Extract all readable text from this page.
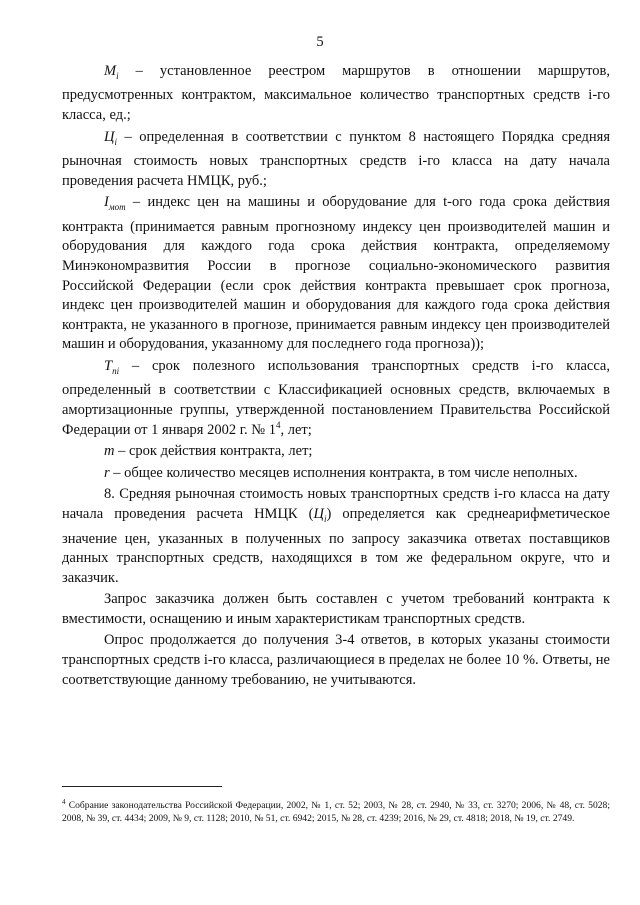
5

$M_i$ – установленное реестром маршрутов в отношении маршрутов, предусмотренных контрактом, максимальное количество транспортных средств i-го класса, ед.;

$Ц_i$ – определенная в соответствии с пунктом 8 настоящего Порядка средняя рыночная стоимость новых транспортных средств i-го класса на дату начала проведения расчета НМЦК, руб.;

$I_{мот}$ – индекс цен на машины и оборудование для t-ого года срока действия контракта (принимается равным прогнозному индексу цен производителей машин и оборудования для каждого года срока действия контракта, определяемому Минэкономразвития России в прогнозе социально-экономического развития Российской Федерации (если срок действия контракта превышает срок прогноза, индекс цен производителей машин и оборудования для каждого года срока действия контракта, не указанного в прогнозе, принимается равным индексу цен производителей машин и оборудования, указанному для последнего года прогноза));

$T_{пi}$ – срок полезного использования транспортных средств i-го класса, определенный в соответствии с Классификацией основных средств, включаемых в амортизационные группы, утвержденной постановлением Правительства Российской Федерации от 1 января 2002 г. № $1^4$, лет;

m – срок действия контракта, лет;

r – общее количество месяцев исполнения контракта, в том числе неполных.

8. Средняя рыночная стоимость новых транспортных средств i-го класса на дату начала проведения расчета НМЦК $(Ц_i)$ определяется как среднеарифметическое значение цен, указанных в полученных по запросу заказчика ответах поставщиков данных транспортных средств, находящихся в том же федеральном округе, что и заказчик.

Запрос заказчика должен быть составлен с учетом требований контракта к вместимости, оснащению и иным характеристикам транспортных средств.

Опрос продолжается до получения 3-4 ответов, в которых указаны стоимости транспортных средств i-го класса, различающиеся в пределах не более 10 %. Ответы, не соответствующие данному требованию, не учитываются.

$^4$ Собрание законодательства Российской Федерации, 2002, № 1, ст. 52; 2003, № 28, ст. 2940, № 33, ст. 3270; 2006, № 48, ст. 5028; 2008, № 39, ст. 4434; 2009, № 9, ст. 1128; 2010, № 51, ст. 6942; 2015, № 28, ст. 4239; 2016, № 29, ст. 4818; 2018, № 19, ст. 2749.
